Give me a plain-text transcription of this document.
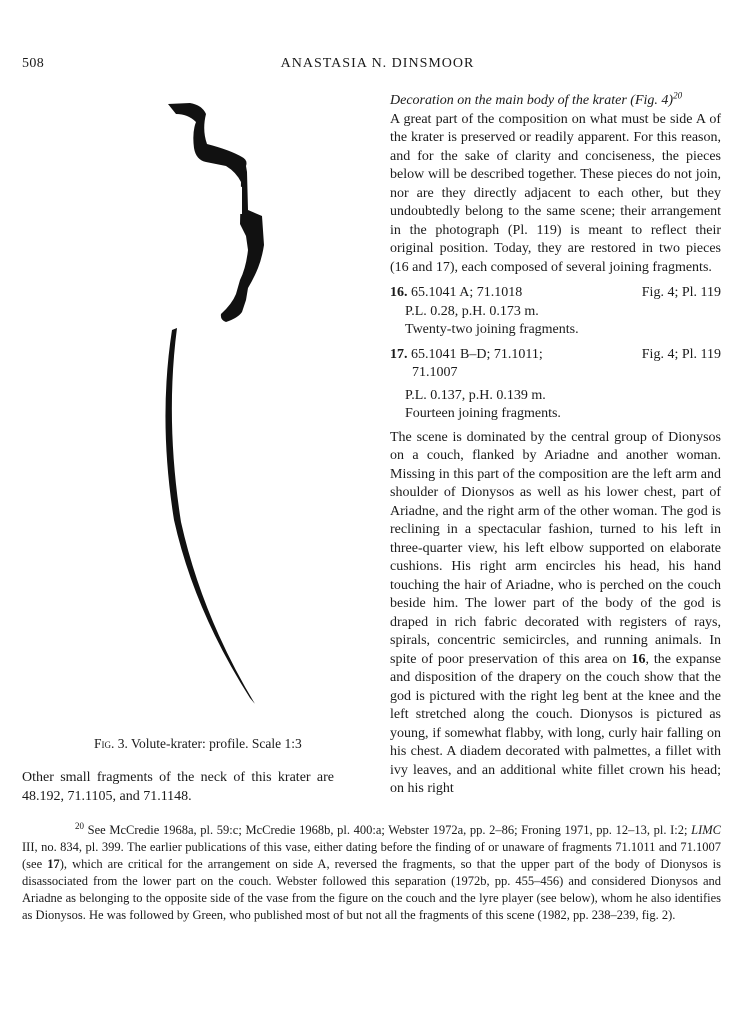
508	ANASTASIA N. DINSMOOR
Fig. 3. Volute-krater: profile. Scale 1:3
Other small fragments of the neck of this krater are 48.192, 71.1105, and 71.1148.

Decoration on the main body of the krater (Fig. 4)$^{20}$

A great part of the composition on what must be side A of the krater is preserved or readily apparent. For this reason, and for the sake of clarity and conciseness, the pieces below will be described together. These pieces do not join, nor are they directly adjacent to each other, but they undoubtedly belong to the same scene; their arrangement in the photograph (Pl. 119) is meant to reflect their original position. Today, they are restored in two pieces (16 and 17), each composed of several joining fragments.

16. 65.1041 A; 71.1018	Fig. 4; Pl. 119
P.L. 0.28, p.H. 0.173 m.
Twenty-two joining fragments.
17. 65.1041 B–D; 71.1011;	Fig. 4; Pl. 119
71.1007
P.L. 0.137, p.H. 0.139 m.
Fourteen joining fragments.

The scene is dominated by the central group of Dionysos on a couch, flanked by Ariadne and another woman. Missing in this part of the composition are the left arm and shoulder of Dionysos as well as his lower chest, part of Ariadne, and the right arm of the other woman. The god is reclining in a spectacular fashion, turned to his left in three-quarter view, his left elbow supported on elaborate cushions. His right arm encircles his head, his hand touching the hair of Ariadne, who is perched on the couch beside him. The lower part of the body of the god is draped in rich fabric decorated with registers of rays, spirals, concentric semicircles, and running animals. In spite of poor preservation of this area on 16, the expanse and disposition of the drapery on the couch show that the god is pictured with the right leg bent at the knee and the left stretched along the couch. Dionysos is pictured as young, if somewhat flabby, with long, curly hair falling on his chest. A diadem decorated with palmettes, a fillet with ivy leaves, and an additional white fillet crown his head; on his right

$^{20}$ See McCredie 1968a, pl. 59:c; McCredie 1968b, pl. 400:a; Webster 1972a, pp. 2–86; Froning 1971, pp. 12–13, pl. I:2; LIMC III, no. 834, pl. 399. The earlier publications of this vase, either dating before the finding of or unaware of fragments 71.1011 and 71.1007 (see 17), which are critical for the arrangement on side A, reversed the fragments, so that the upper part of the body of Dionysos is disassociated from the lower part on the couch. Webster followed this separation (1972b, pp. 455–456) and considered Dionysos and Ariadne as belonging to the opposite side of the vase from the figure on the couch and the lyre player (see below), whom he also identifies as Dionysos. He was followed by Green, who published most of but not all the fragments of this scene (1982, pp. 238–239, fig. 2).
